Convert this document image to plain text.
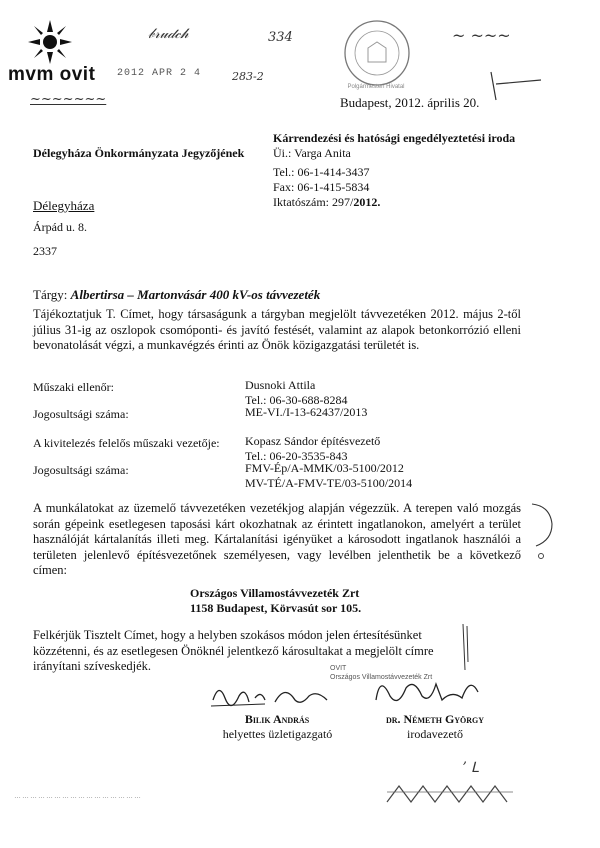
mvm ovit
𝒷𝓇𝓊𝒹𝒸𝒽	334
~~~~~~~
~ ~~~
2012 APR 2 4	283-2
Polgármesteri Hivatal
Budapest, 2012. április 20.
Kárrendezési és hatósági engedélyeztetési iroda
Üi.: Varga Anita
Tel.: 06-1-414-3437
Fax: 06-1-415-5834
Iktatószám: 297/2012.
Délegyháza Önkormányzata Jegyzőjének
Délegyháza
Árpád u. 8.
2337
Tárgy: Albertirsa – Martonvásár 400 kV-os távvezeték
Tájékoztatjuk T. Címet, hogy társaságunk a tárgyban megjelölt távvezetéken 2012. május 2-től július 31-ig az oszlopok csomóponti- és javító festését, valamint az alapok betonkorrózió elleni bevonatolását végzi, a munkavégzés érinti az Önök közigazgatási területét is.
Műszaki ellenőr:	Dusnoki Attila
Tel.: 06-30-688-8284
Jogosultsági száma:	ME-VI./I-13-62437/2013
A kivitelezés felelős műszaki vezetője: Kopasz Sándor építésvezető
Tel.: 06-20-3535-843
Jogosultsági száma:	FMV-Ép/A-MMK/03-5100/2012
MV-TÉ/A-FMV-TE/03-5100/2014
A munkálatokat az üzemelő távvezetéken vezetékjog alapján végezzük. A terepen való mozgás során gépeink esetlegesen taposási kárt okozhatnak az érintett ingatlanokon, amelyért a terület használóját kártalanítás illeti meg. Kártalanítási igényüket a károsodott ingatlanok használói a területen jelenlevő építésvezetőnek személyesen, vagy levélben jelenthetik be a következő címen:
Országos Villamostávvezeték Zrt
1158 Budapest, Körvasút sor 105.
Felkérjük Tisztelt Címet, hogy a helyben szokásos módon jelen értesítésünket közzétenni, és az esetlegesen Önöknél jelentkező károsultakat a megjelölt címre irányítani szíveskedjék.	OVIT
Országos Villamostávvezeték Zrt
Bilik András
helyettes üzletigazgató
dr. Németh György
irodavezető
ʼ ᒪ
…………………………………………
